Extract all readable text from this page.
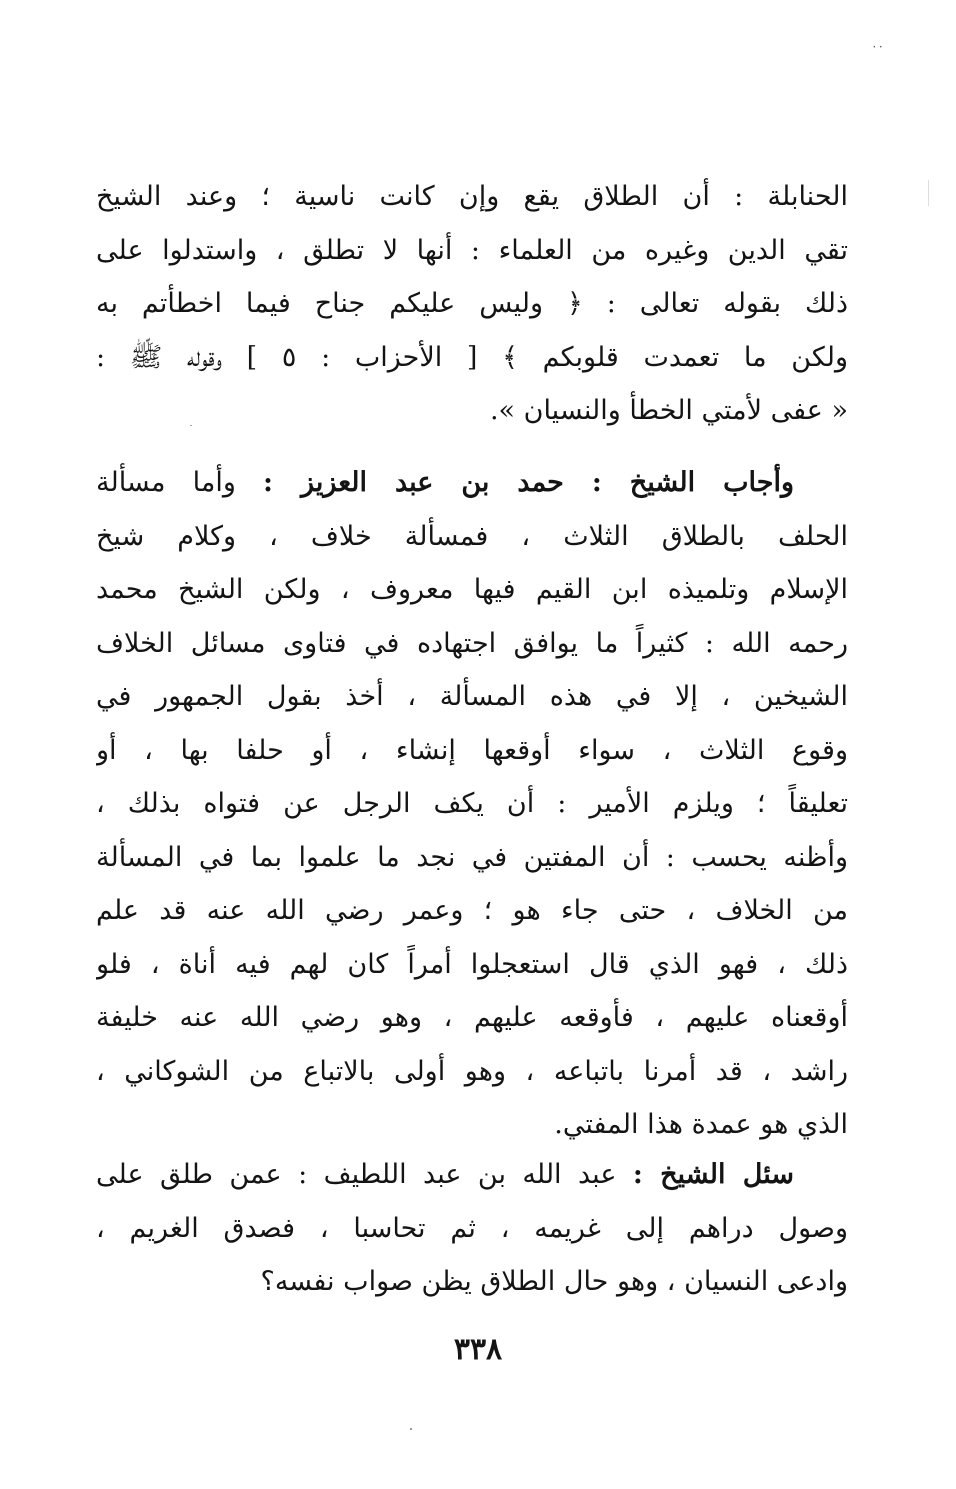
٠٠
الحنابلة : أن الطلاق يقع وإن كانت ناسية ؛ وعند الشيخ
تقي الدين وغيره من العلماء : أنها لا تطلق ، واستدلوا على
ذلك بقوله تعالى : ﴿ وليس عليكم جناح فيما اخطأتم به
ولكن ما تعمدت قلوبكم ﴾ [ الأحزاب : ٥ ] وقوله ﷺ :
« عفى لأمتي الخطأ والنسيان ».
  وأجاب الشيخ : حمد بن عبد العزيز : وأما مسألة
الحلف بالطلاق الثلاث ، فمسألة خلاف ، وكلام شيخ
الإسلام وتلميذه ابن القيم فيها معروف ، ولكن الشيخ محمد
رحمه الله : كثيراً ما يوافق اجتهاده في فتاوى مسائل الخلاف
الشيخين ، إلا في هذه المسألة ، أخذ بقول الجمهور في
وقوع الثلاث ، سواء أوقعها إنشاء ، أو حلفا بها ، أو
تعليقاً ؛ ويلزم الأمير : أن يكف الرجل عن فتواه بذلك ،
وأظنه يحسب : أن المفتين في نجد ما علموا بما في المسألة
من الخلاف ، حتى جاء هو ؛ وعمر رضي الله عنه قد علم
ذلك ، فهو الذي قال استعجلوا أمراً كان لهم فيه أناة ، فلو
أوقعناه عليهم ، فأوقعه عليهم ، وهو رضي الله عنه خليفة
راشد ، قد أمرنا باتباعه ، وهو أولى بالاتباع من الشوكاني ،
الذي هو عمدة هذا المفتي.
  سئل الشيخ : عبد الله بن عبد اللطيف : عمن طلق على
وصول دراهم إلى غريمه ، ثم تحاسبا ، فصدق الغريم ،
وادعى النسيان ، وهو حال الطلاق يظن صواب نفسه؟
٣٣٨
